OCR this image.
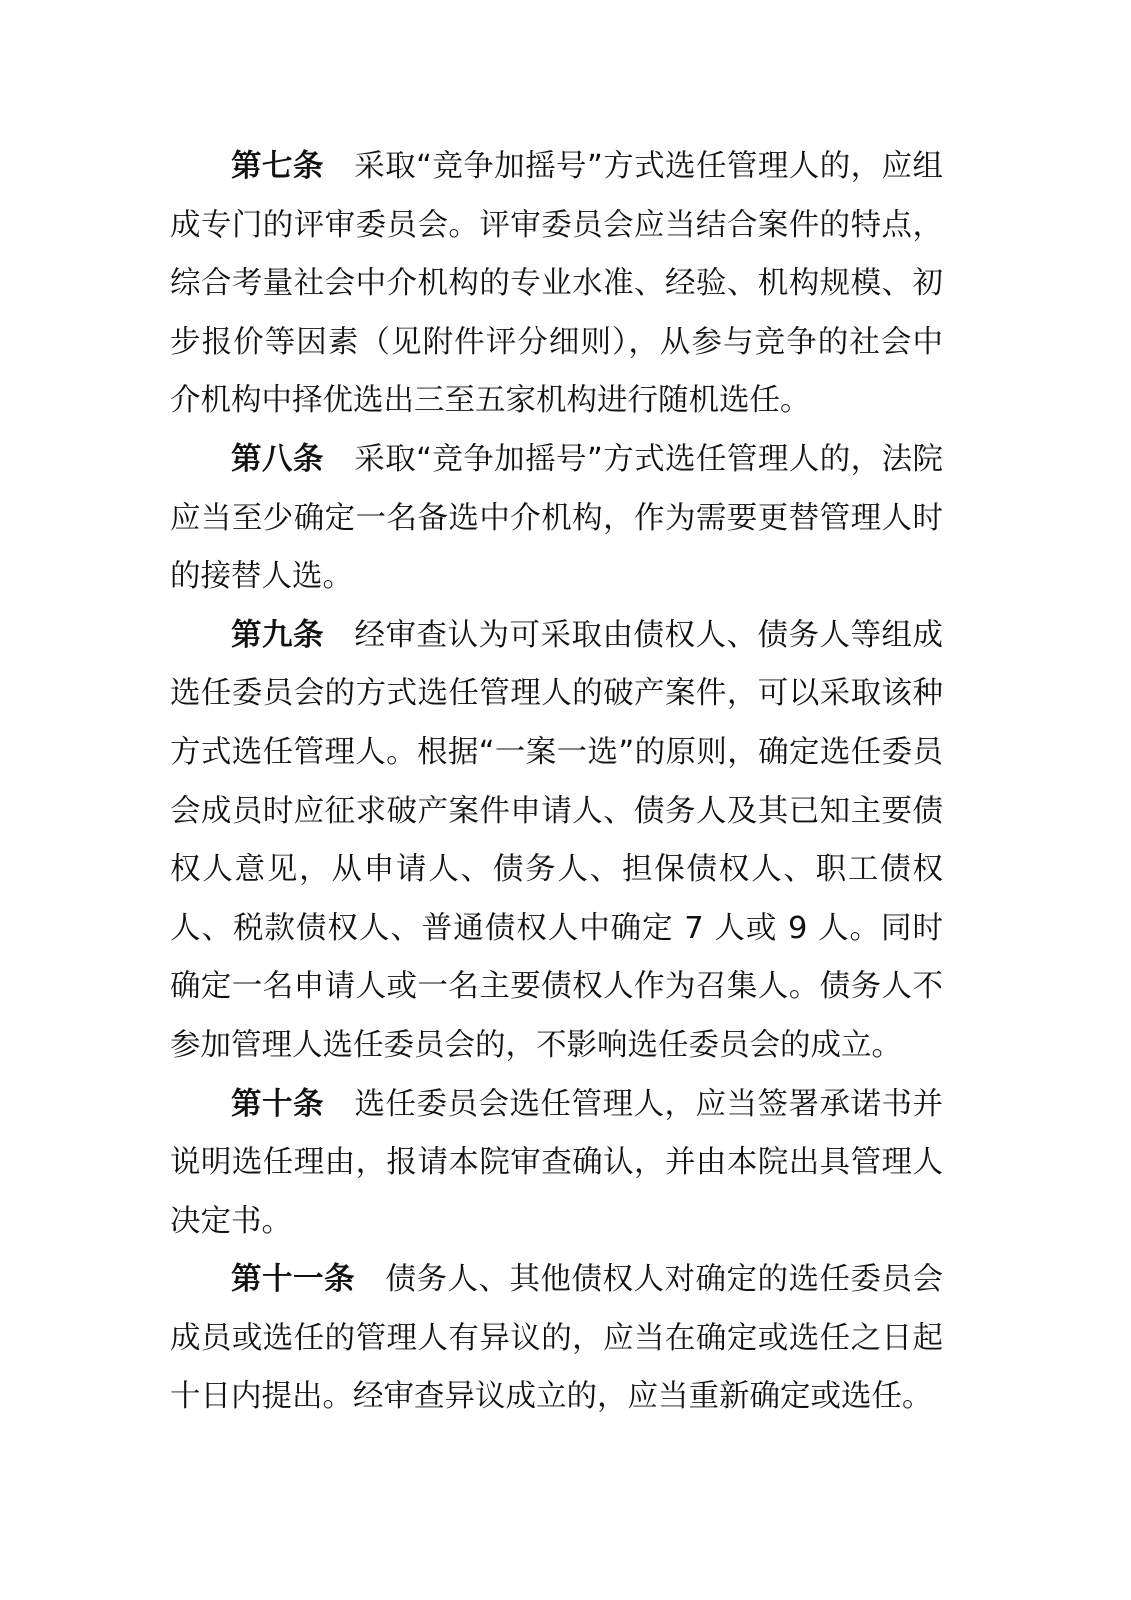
第七条 采取“竞争加摇号”方式选任管理人的，应组成专门的评审委员会。评审委员会应当结合案件的特点，综合考量社会中介机构的专业水准、经验、机构规模、初步报价等因素（见附件评分细则），从参与竞争的社会中介机构中择优选出三至五家机构进行随机选任。

第八条 采取“竞争加摇号”方式选任管理人的，法院应当至少确定一名备选中介机构，作为需要更替管理人时的接替人选。

第九条 经审查认为可采取由债权人、债务人等组成选任委员会的方式选任管理人的破产案件，可以采取该种方式选任管理人。根据“一案一选”的原则，确定选任委员会成员时应征求破产案件申请人、债务人及其已知主要债权人意见，从申请人、债务人、担保债权人、职工债权人、税款债权人、普通债权人中确定 7 人或 9 人。同时确定一名申请人或一名主要债权人作为召集人。债务人不参加管理人选任委员会的，不影响选任委员会的成立。

第十条 选任委员会选任管理人，应当签署承诺书并说明选任理由，报请本院审查确认，并由本院出具管理人决定书。

第十一条 债务人、其他债权人对确定的选任委员会成员或选任的管理人有异议的，应当在确定或选任之日起十日内提出。经审查异议成立的，应当重新确定或选任。
